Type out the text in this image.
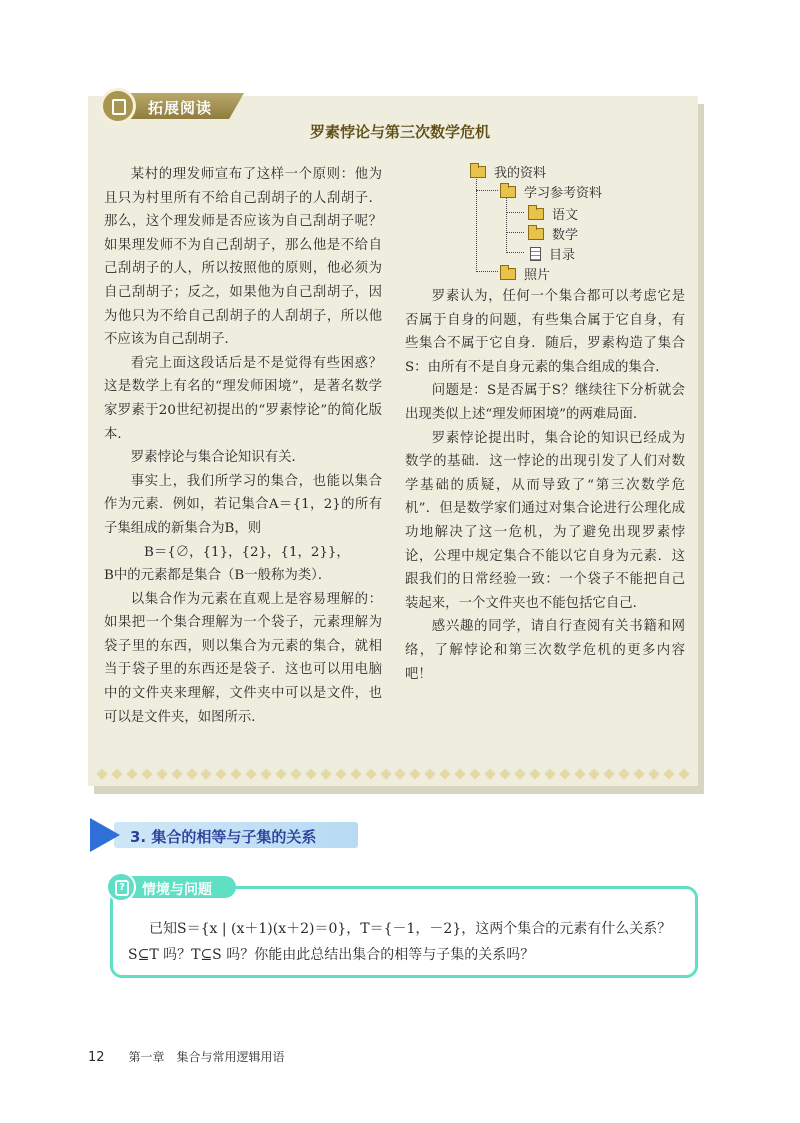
拓展阅读
罗素悖论与第三次数学危机

某村的理发师宣布了这样一个原则：他为且只为村里所有不给自己刮胡子的人刮胡子．那么，这个理发师是否应该为自己刮胡子呢？如果理发师不为自己刮胡子，那么他是不给自己刮胡子的人，所以按照他的原则，他必须为自己刮胡子；反之，如果他为自己刮胡子，因为他只为不给自己刮胡子的人刮胡子，所以他不应该为自己刮胡子．

看完上面这段话后是不是觉得有些困惑？这是数学上有名的“理发师困境”，是著名数学家罗素于20世纪初提出的“罗素悖论”的简化版本．

罗素悖论与集合论知识有关．

事实上，我们所学习的集合，也能以集合作为元素．例如，若记集合A＝{1，2}的所有子集组成的新集合为B，则

B＝{∅，{1}，{2}，{1，2}}，

B中的元素都是集合（B一般称为类）．

以集合作为元素在直观上是容易理解的：如果把一个集合理解为一个袋子，元素理解为袋子里的东西，则以集合为元素的集合，就相当于袋子里的东西还是袋子．这也可以用电脑中的文件夹来理解，文件夹中可以是文件，也可以是文件夹，如图所示．

我的资料
学习参考资料
语文
数学
目录
照片

罗素认为，任何一个集合都可以考虑它是否属于自身的问题，有些集合属于它自身，有些集合不属于它自身．随后，罗素构造了集合S：由所有不是自身元素的集合组成的集合．

问题是：S是否属于S？继续往下分析就会出现类似上述“理发师困境”的两难局面．

罗素悖论提出时，集合论的知识已经成为数学的基础．这一悖论的出现引发了人们对数学基础的质疑，从而导致了“第三次数学危机”．但是数学家们通过对集合论进行公理化成功地解决了这一危机，为了避免出现罗素悖论，公理中规定集合不能以它自身为元素．这跟我们的日常经验一致：一个袋子不能把自己装起来，一个文件夹也不能包括它自己．

感兴趣的同学，请自行查阅有关书籍和网络，了解悖论和第三次数学危机的更多内容吧！

3. 集合的相等与子集的关系
? 情境与问题

已知S＝{x | (x＋1)(x＋2)＝0}，T＝{－1，－2}，这两个集合的元素有什么关系？

S⊆T 吗？T⊆S 吗？你能由此总结出集合的相等与子集的关系吗？

12 第一章　集合与常用逻辑用语
